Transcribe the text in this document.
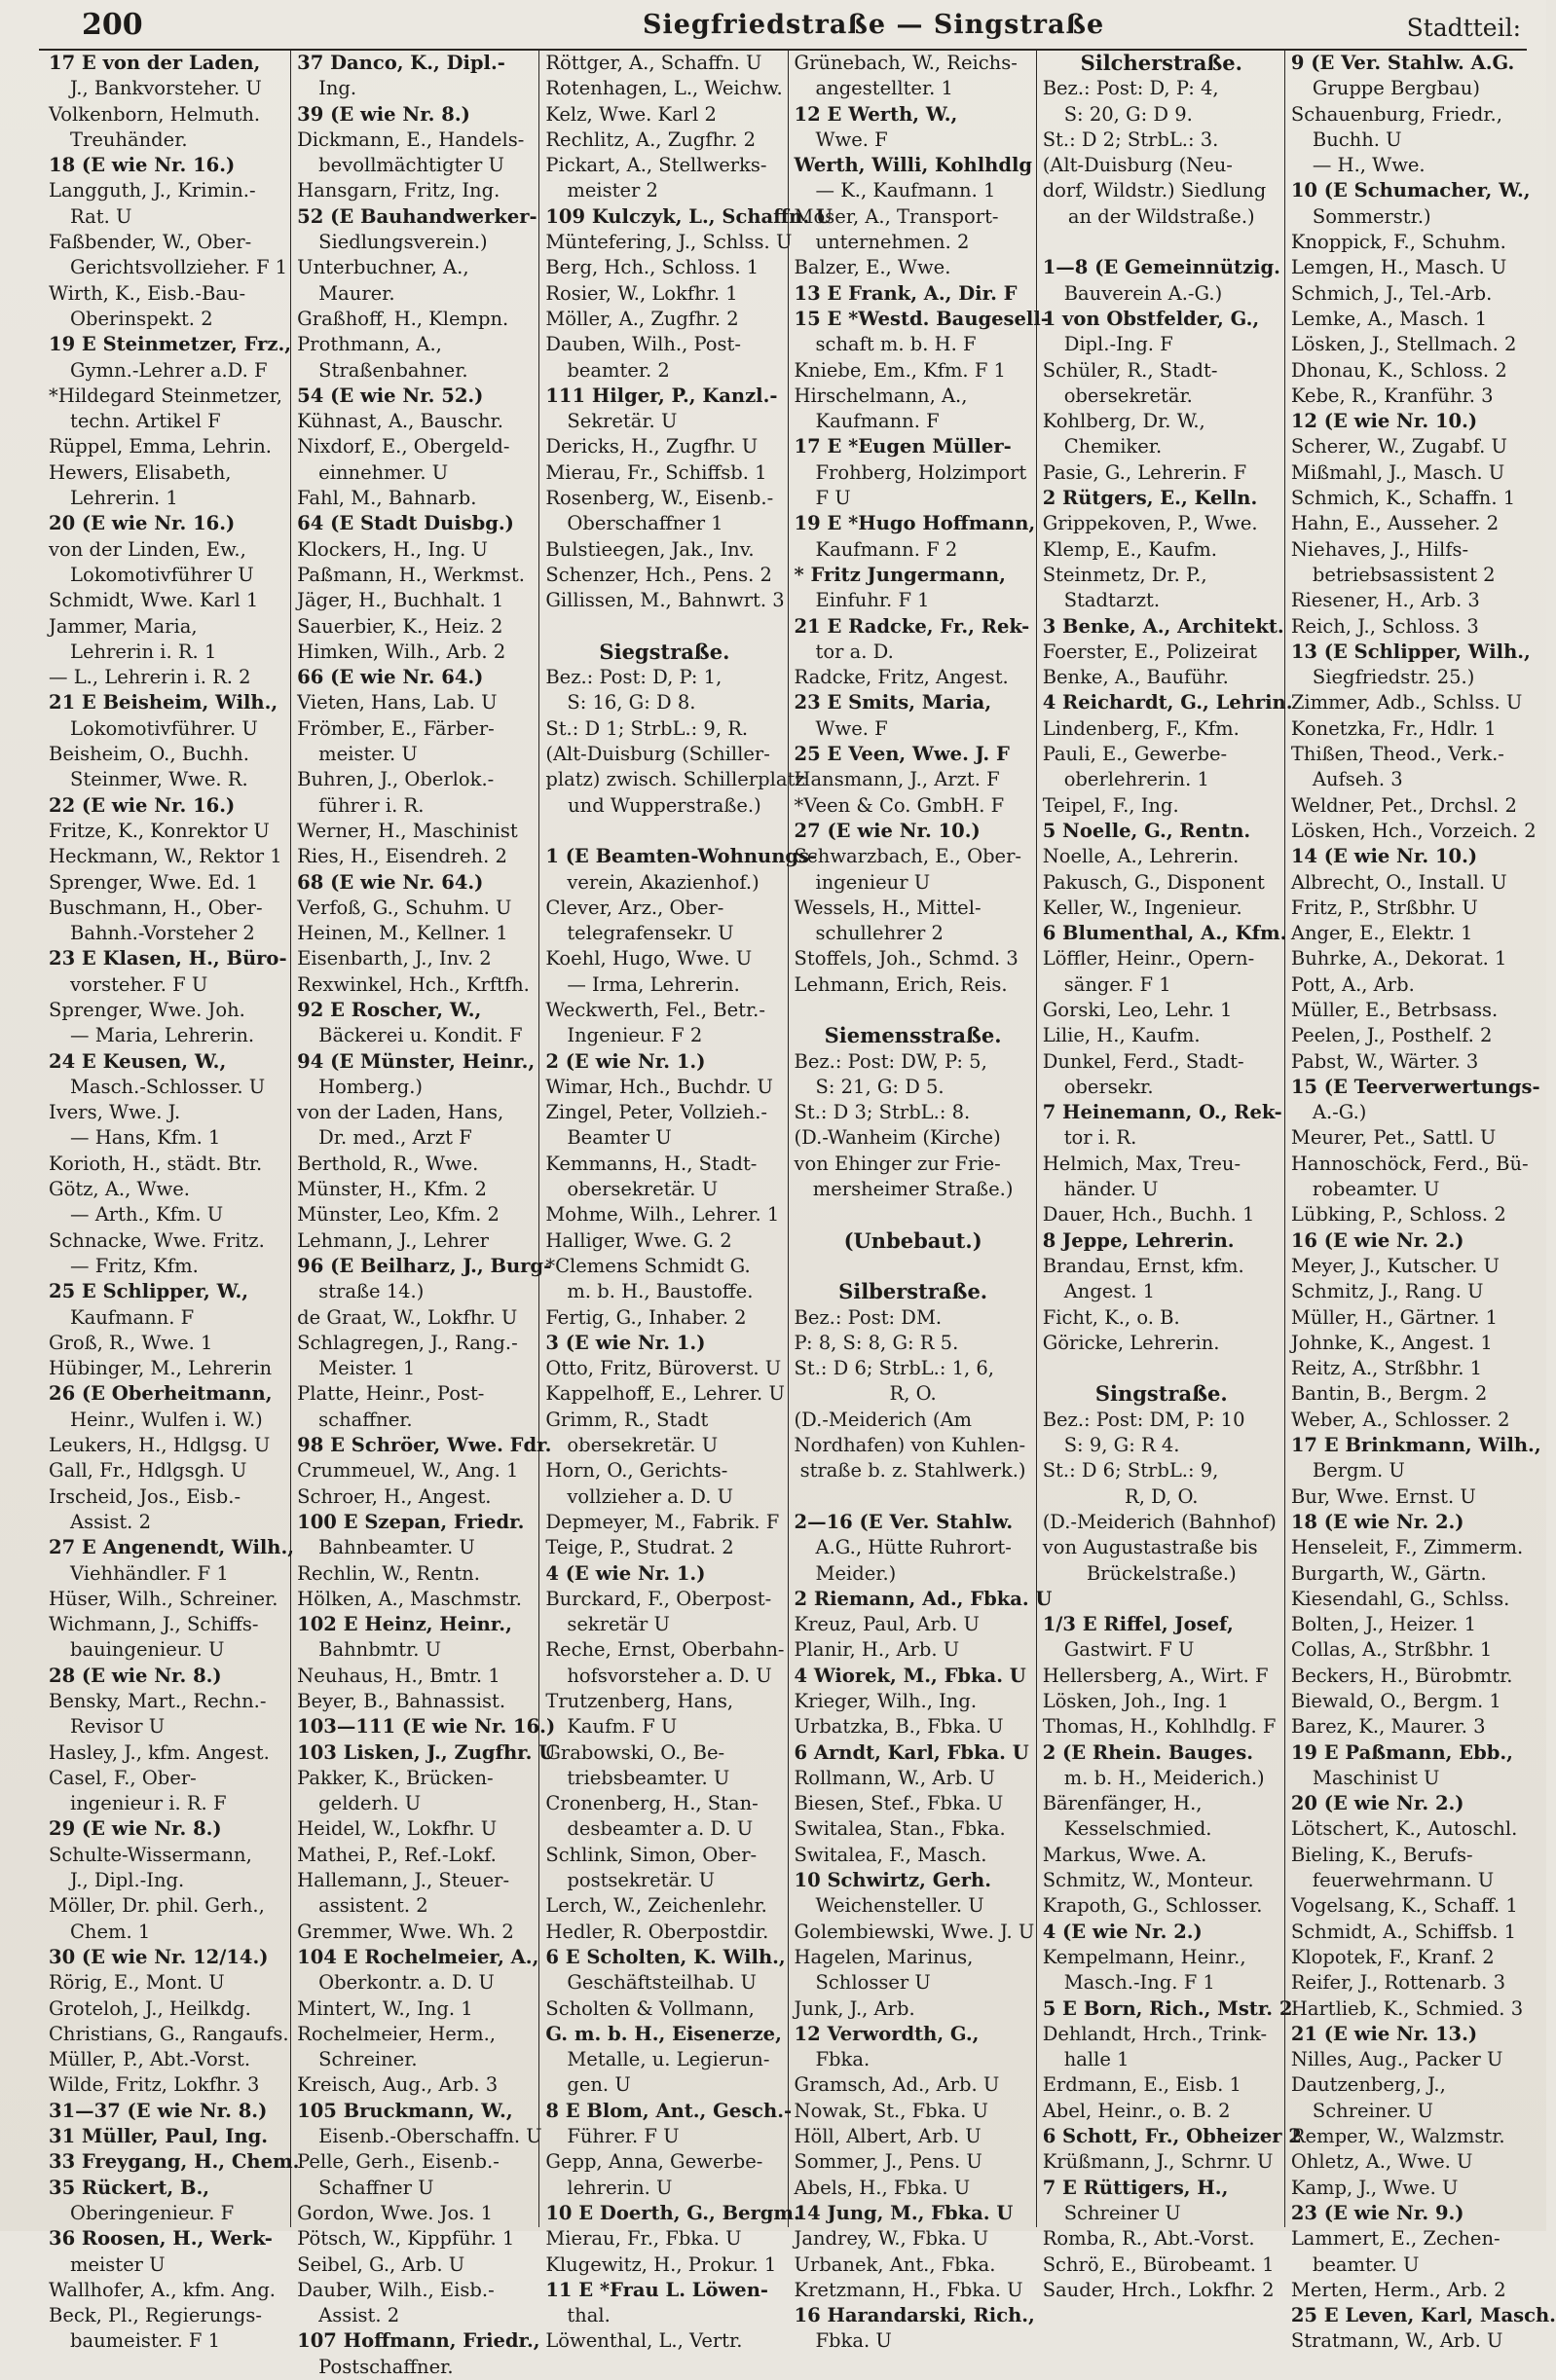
200	Siegfriedstraße — Singstraße	Stadtteil:
17 E von der Laden,
J., Bankvorsteher. U
Volkenborn, Helmuth.
Treuhänder.
18 (E wie Nr. 16.)
Langguth, J., Krimin.-
Rat. U
Faßbender, W., Ober-
Gerichtsvollzieher. F 1
Wirth, K., Eisb.-Bau-
Oberinspekt. 2
19 E Steinmetzer, Frz.,
Gymn.-Lehrer a.D. F
*Hildegard Steinmetzer,
techn. Artikel F
Rüppel, Emma, Lehrin.
Hewers, Elisabeth,
Lehrerin. 1
20 (E wie Nr. 16.)
von der Linden, Ew.,
Lokomotivführer U
Schmidt, Wwe. Karl 1
Jammer, Maria,
Lehrerin i. R. 1
— L., Lehrerin i. R. 2
21 E Beisheim, Wilh.,
Lokomotivführer. U
Beisheim, O., Buchh.
Steinmer, Wwe. R.
22 (E wie Nr. 16.)
Fritze, K., Konrektor U
Heckmann, W., Rektor 1
Sprenger, Wwe. Ed. 1
Buschmann, H., Ober-
Bahnh.-Vorsteher 2
23 E Klasen, H., Büro-
vorsteher. F U
Sprenger, Wwe. Joh.
— Maria, Lehrerin.
24 E Keusen, W.,
Masch.-Schlosser. U
Ivers, Wwe. J.
— Hans, Kfm. 1
Korioth, H., städt. Btr.
Götz, A., Wwe.
— Arth., Kfm. U
Schnacke, Wwe. Fritz.
— Fritz, Kfm.
25 E Schlipper, W.,
Kaufmann. F
Groß, R., Wwe. 1
Hübinger, M., Lehrerin
26 (E Oberheitmann,
Heinr., Wulfen i. W.)
Leukers, H., Hdlgsg. U
Gall, Fr., Hdlgsgh. U
Irscheid, Jos., Eisb.-
Assist. 2
27 E Angenendt, Wilh.,
Viehhändler. F 1
Hüser, Wilh., Schreiner.
Wichmann, J., Schiffs-
bauingenieur. U
28 (E wie Nr. 8.)
Bensky, Mart., Rechn.-
Revisor U
Hasley, J., kfm. Angest.
Casel, F., Ober-
ingenieur i. R. F
29 (E wie Nr. 8.)
Schulte-Wissermann,
J., Dipl.-Ing.
Möller, Dr. phil. Gerh.,
Chem. 1
30 (E wie Nr. 12/14.)
Rörig, E., Mont. U
Groteloh, J., Heilkdg.
Christians, G., Rangaufs.
Müller, P., Abt.-Vorst.
Wilde, Fritz, Lokfhr. 3
31—37 (E wie Nr. 8.)
31 Müller, Paul, Ing.
33 Freygang, H., Chem.
35 Rückert, B.,
Oberingenieur. F
36 Roosen, H., Werk-
meister U
Wallhofer, A., kfm. Ang.
Beck, Pl., Regierungs-
baumeister. F 1
37 Danco, K., Dipl.-
Ing.
39 (E wie Nr. 8.)
Dickmann, E., Handels-
bevollmächtigter U
Hansgarn, Fritz, Ing.
52 (E Bauhandwerker-
Siedlungsverein.)
Unterbuchner, A.,
Maurer.
Graßhoff, H., Klempn.
Prothmann, A.,
Straßenbahner.
54 (E wie Nr. 52.)
Kühnast, A., Bauschr.
Nixdorf, E., Obergeld-
einnehmer. U
Fahl, M., Bahnarb.
64 (E Stadt Duisbg.)
Klockers, H., Ing. U
Paßmann, H., Werkmst.
Jäger, H., Buchhalt. 1
Sauerbier, K., Heiz. 2
Himken, Wilh., Arb. 2
66 (E wie Nr. 64.)
Vieten, Hans, Lab. U
Frömber, E., Färber-
meister. U
Buhren, J., Oberlok.-
führer i. R.
Werner, H., Maschinist
Ries, H., Eisendreh. 2
68 (E wie Nr. 64.)
Verfoß, G., Schuhm. U
Heinen, M., Kellner. 1
Eisenbarth, J., Inv. 2
Rexwinkel, Hch., Krftfh.
92 E Roscher, W.,
Bäckerei u. Kondit. F
94 (E Münster, Heinr.,
Homberg.)
von der Laden, Hans,
Dr. med., Arzt F
Berthold, R., Wwe.
Münster, H., Kfm. 2
Münster, Leo, Kfm. 2
Lehmann, J., Lehrer
96 (E Beilharz, J., Burg-
straße 14.)
de Graat, W., Lokfhr. U
Schlagregen, J., Rang.-
Meister. 1
Platte, Heinr., Post-
schaffner.
98 E Schröer, Wwe. Fdr.
Crummeuel, W., Ang. 1
Schroer, H., Angest.
100 E Szepan, Friedr.
Bahnbeamter. U
Rechlin, W., Rentn.
Hölken, A., Maschmstr.
102 E Heinz, Heinr.,
Bahnbmtr. U
Neuhaus, H., Bmtr. 1
Beyer, B., Bahnassist.
103—111 (E wie Nr. 16.)
103 Lisken, J., Zugfhr. U
Pakker, K., Brücken-
gelderh. U
Heidel, W., Lokfhr. U
Mathei, P., Ref.-Lokf.
Hallemann, J., Steuer-
assistent. 2
Gremmer, Wwe. Wh. 2
104 E Rochelmeier, A.,
Oberkontr. a. D. U
Mintert, W., Ing. 1
Rochelmeier, Herm.,
Schreiner.
Kreisch, Aug., Arb. 3
105 Bruckmann, W.,
Eisenb.-Oberschaffn. U
Pelle, Gerh., Eisenb.-
Schaffner U
Gordon, Wwe. Jos. 1
Pötsch, W., Kippführ. 1
Seibel, G., Arb. U
Dauber, Wilh., Eisb.-
Assist. 2
107 Hoffmann, Friedr.,
Postschaffner.
Röttger, A., Schaffn. U
Rotenhagen, L., Weichw.
Kelz, Wwe. Karl 2
Rechlitz, A., Zugfhr. 2
Pickart, A., Stellwerks-
meister 2
109 Kulczyk, L., Schaffn. U
Müntefering, J., Schlss. U
Berg, Hch., Schloss. 1
Rosier, W., Lokfhr. 1
Möller, A., Zugfhr. 2
Dauben, Wilh., Post-
beamter. 2
111 Hilger, P., Kanzl.-
Sekretär. U
Dericks, H., Zugfhr. U
Mierau, Fr., Schiffsb. 1
Rosenberg, W., Eisenb.-
Oberschaffner 1
Bulstieegen, Jak., Inv.
Schenzer, Hch., Pens. 2
Gillissen, M., Bahnwrt. 3
Siegstraße.
Bez.: Post: D, P: 1,
S: 16, G: D 8.
St.: D 1; StrbL.: 9, R.
(Alt-Duisburg (Schiller-
platz) zwisch. Schillerplatz
und Wupperstraße.)
1 (E Beamten-Wohnungs-
verein, Akazienhof.)
Clever, Arz., Ober-
telegrafensekr. U
Koehl, Hugo, Wwe. U
— Irma, Lehrerin.
Weckwerth, Fel., Betr.-
Ingenieur. F 2
2 (E wie Nr. 1.)
Wimar, Hch., Buchdr. U
Zingel, Peter, Vollzieh.-
Beamter U
Kemmanns, H., Stadt-
obersekretär. U
Mohme, Wilh., Lehrer. 1
Halliger, Wwe. G. 2
*Clemens Schmidt G.
m. b. H., Baustoffe.
Fertig, G., Inhaber. 2
3 (E wie Nr. 1.)
Otto, Fritz, Büroverst. U
Kappelhoff, E., Lehrer. U
Grimm, R., Stadt
obersekretär. U
Horn, O., Gerichts-
vollzieher a. D. U
Depmeyer, M., Fabrik. F
Teige, P., Studrat. 2
4 (E wie Nr. 1.)
Burckard, F., Oberpost-
sekretär U
Reche, Ernst, Oberbahn-
hofsvorsteher a. D. U
Trutzenberg, Hans,
Kaufm. F U
Grabowski, O., Be-
triebsbeamter. U
Cronenberg, H., Stan-
desbeamter a. D. U
Schlink, Simon, Ober-
postsekretär. U
Lerch, W., Zeichenlehr.
Hedler, R. Oberpostdir.
6 E Scholten, K. Wilh.,
Geschäftsteilhab. U
Scholten & Vollmann,
G. m. b. H., Eisenerze,
Metalle, u. Legierun-
gen. U
8 E Blom, Ant., Gesch.-
Führer. F U
Gepp, Anna, Gewerbe-
lehrerin. U
10 E Doerth, G., Bergm.
Mierau, Fr., Fbka. U
Klugewitz, H., Prokur. 1
11 E *Frau L. Löwen-
thal.
Löwenthal, L., Vertr.
Grünebach, W., Reichs-
angestellter. 1
12 E Werth, W.,
Wwe. F
Werth, Willi, Kohlhdlg
— K., Kaufmann. 1
Moser, A., Transport-
unternehmen. 2
Balzer, E., Wwe.
13 E Frank, A., Dir. F
15 E *Westd. Baugesell-
schaft m. b. H. F
Kniebe, Em., Kfm. F 1
Hirschelmann, A.,
Kaufmann. F
17 E *Eugen Müller-
Frohberg, Holzimport
F U
19 E *Hugo Hoffmann,
Kaufmann. F 2
* Fritz Jungermann,
Einfuhr. F 1
21 E Radcke, Fr., Rek-
tor a. D.
Radcke, Fritz, Angest.
23 E Smits, Maria,
Wwe. F
25 E Veen, Wwe. J. F
Hansmann, J., Arzt. F
*Veen & Co. GmbH. F
27 (E wie Nr. 10.)
Schwarzbach, E., Ober-
ingenieur U
Wessels, H., Mittel-
schullehrer 2
Stoffels, Joh., Schmd. 3
Lehmann, Erich, Reis.
Siemensstraße.
Bez.: Post: DW, P: 5,
S: 21, G: D 5.
St.: D 3; StrbL.: 8.
(D.-Wanheim (Kirche)
von Ehinger zur Frie-
mersheimer Straße.)
(Unbebaut.)
Silberstraße.
Bez.: Post: DM.
P: 8, S: 8, G: R 5.
St.: D 6; StrbL.: 1, 6,
R, O.
(D.-Meiderich (Am
Nordhafen) von Kuhlen-
straße b. z. Stahlwerk.)
2—16 (E Ver. Stahlw.
A.G., Hütte Ruhrort-
Meider.)
2 Riemann, Ad., Fbka. U
Kreuz, Paul, Arb. U
Planir, H., Arb. U
4 Wiorek, M., Fbka. U
Krieger, Wilh., Ing.
Urbatzka, B., Fbka. U
6 Arndt, Karl, Fbka. U
Rollmann, W., Arb. U
Biesen, Stef., Fbka. U
Switalea, Stan., Fbka.
Switalea, F., Masch.
10 Schwirtz, Gerh.
Weichensteller. U
Golembiewski, Wwe. J. U
Hagelen, Marinus,
Schlosser U
Junk, J., Arb.
12 Verwordth, G.,
Fbka.
Gramsch, Ad., Arb. U
Nowak, St., Fbka. U
Höll, Albert, Arb. U
Sommer, J., Pens. U
Abels, H., Fbka. U
14 Jung, M., Fbka. U
Jandrey, W., Fbka. U
Urbanek, Ant., Fbka.
Kretzmann, H., Fbka. U
16 Harandarski, Rich.,
Fbka. U
Silcherstraße.
Bez.: Post: D, P: 4,
S: 20, G: D 9.
St.: D 2; StrbL.: 3.
(Alt-Duisburg (Neu-
dorf, Wildstr.) Siedlung
an der Wildstraße.)
1—8 (E Gemeinnützig.
Bauverein A.-G.)
1 von Obstfelder, G.,
Dipl.-Ing. F
Schüler, R., Stadt-
obersekretär.
Kohlberg, Dr. W.,
Chemiker.
Pasie, G., Lehrerin. F
2 Rütgers, E., Kelln.
Grippekoven, P., Wwe.
Klemp, E., Kaufm.
Steinmetz, Dr. P.,
Stadtarzt.
3 Benke, A., Architekt.
Foerster, E., Polizeirat
Benke, A., Bauführ.
4 Reichardt, G., Lehrin.
Lindenberg, F., Kfm.
Pauli, E., Gewerbe-
oberlehrerin. 1
Teipel, F., Ing.
5 Noelle, G., Rentn.
Noelle, A., Lehrerin.
Pakusch, G., Disponent
Keller, W., Ingenieur.
6 Blumenthal, A., Kfm.
Löffler, Heinr., Opern-
sänger. F 1
Gorski, Leo, Lehr. 1
Lilie, H., Kaufm.
Dunkel, Ferd., Stadt-
obersekr.
7 Heinemann, O., Rek-
tor i. R.
Helmich, Max, Treu-
händer. U
Dauer, Hch., Buchh. 1
8 Jeppe, Lehrerin.
Brandau, Ernst, kfm.
Angest. 1
Ficht, K., o. B.
Göricke, Lehrerin.
Singstraße.
Bez.: Post: DM, P: 10
S: 9, G: R 4.
St.: D 6; StrbL.: 9,
R, D, O.
(D.-Meiderich (Bahnhof)
von Augustastraße bis
Brückelstraße.)
1/3 E Riffel, Josef,
Gastwirt. F U
Hellersberg, A., Wirt. F
Lösken, Joh., Ing. 1
Thomas, H., Kohlhdlg. F
2 (E Rhein. Bauges.
m. b. H., Meiderich.)
Bärenfänger, H.,
Kesselschmied.
Markus, Wwe. A.
Schmitz, W., Monteur.
Krapoth, G., Schlosser.
4 (E wie Nr. 2.)
Kempelmann, Heinr.,
Masch.-Ing. F 1
5 E Born, Rich., Mstr. 2
Dehlandt, Hrch., Trink-
halle 1
Erdmann, E., Eisb. 1
Abel, Heinr., o. B. 2
6 Schott, Fr., Obheizer 2
Krüßmann, J., Schrnr. U
7 E Rüttigers, H.,
Schreiner U
Romba, R., Abt.-Vorst.
Schrö, E., Bürobeamt. 1
Sauder, Hrch., Lokfhr. 2
9 (E Ver. Stahlw. A.G.
Gruppe Bergbau)
Schauenburg, Friedr.,
Buchh. U
— H., Wwe.
10 (E Schumacher, W.,
Sommerstr.)
Knoppick, F., Schuhm.
Lemgen, H., Masch. U
Schmich, J., Tel.-Arb.
Lemke, A., Masch. 1
Lösken, J., Stellmach. 2
Dhonau, K., Schloss. 2
Kebe, R., Kranführ. 3
12 (E wie Nr. 10.)
Scherer, W., Zugabf. U
Mißmahl, J., Masch. U
Schmich, K., Schaffn. 1
Hahn, E., Ausseher. 2
Niehaves, J., Hilfs-
betriebsassistent 2
Riesener, H., Arb. 3
Reich, J., Schloss. 3
13 (E Schlipper, Wilh.,
Siegfriedstr. 25.)
Zimmer, Adb., Schlss. U
Konetzka, Fr., Hdlr. 1
Thißen, Theod., Verk.-
Aufseh. 3
Weldner, Pet., Drchsl. 2
Lösken, Hch., Vorzeich. 2
14 (E wie Nr. 10.)
Albrecht, O., Install. U
Fritz, P., Strßbhr. U
Anger, E., Elektr. 1
Buhrke, A., Dekorat. 1
Pott, A., Arb.
Müller, E., Betrbsass.
Peelen, J., Posthelf. 2
Pabst, W., Wärter. 3
15 (E Teerverwertungs-
A.-G.)
Meurer, Pet., Sattl. U
Hannoschöck, Ferd., Bü-
robeamter. U
Lübking, P., Schloss. 2
16 (E wie Nr. 2.)
Meyer, J., Kutscher. U
Schmitz, J., Rang. U
Müller, H., Gärtner. 1
Johnke, K., Angest. 1
Reitz, A., Strßbhr. 1
Bantin, B., Bergm. 2
Weber, A., Schlosser. 2
17 E Brinkmann, Wilh.,
Bergm. U
Bur, Wwe. Ernst. U
18 (E wie Nr. 2.)
Henseleit, F., Zimmerm.
Burgarth, W., Gärtn.
Kiesendahl, G., Schlss.
Bolten, J., Heizer. 1
Collas, A., Strßbhr. 1
Beckers, H., Bürobmtr.
Biewald, O., Bergm. 1
Barez, K., Maurer. 3
19 E Paßmann, Ebb.,
Maschinist U
20 (E wie Nr. 2.)
Lötschert, K., Autoschl.
Bieling, K., Berufs-
feuerwehrmann. U
Vogelsang, K., Schaff. 1
Schmidt, A., Schiffsb. 1
Klopotek, F., Kranf. 2
Reifer, J., Rottenarb. 3
Hartlieb, K., Schmied. 3
21 (E wie Nr. 13.)
Nilles, Aug., Packer U
Dautzenberg, J.,
Schreiner. U
Remper, W., Walzmstr.
Ohletz, A., Wwe. U
Kamp, J., Wwe. U
23 (E wie Nr. 9.)
Lammert, E., Zechen-
beamter. U
Merten, Herm., Arb. 2
25 E Leven, Karl, Masch.
Stratmann, W., Arb. U
